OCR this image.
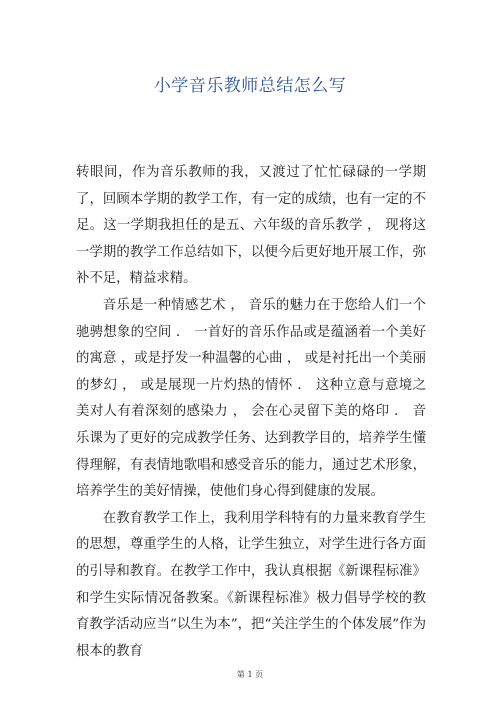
小学音乐教师总结怎么写

转眼间，作为音乐教师的我，又渡过了忙忙碌碌的一学期了，回顾本学期的教学工作，有一定的成绩，也有一定的不足。这一学期我担任的是五、六年级的音乐教学 ， 现将这一学期的教学工作总结如下，以便今后更好地开展工作，弥补不足，精益求精。

音乐是一种情感艺术 ， 音乐的魅力在于您给人们一个驰骋想象的空间 ． 一首好的音乐作品或是蕴涵着一个美好的寓意 ，或是抒发一种温馨的心曲 ， 或是衬托出一个美丽的梦幻 ， 或是展现一片灼热的情怀 ． 这种立意与意境之美对人有着深刻的感染力 ， 会在心灵留下美的烙印 ． 音乐课为了更好的完成教学任务、达到教学目的，培养学生懂得理解，有表情地歌唱和感受音乐的能力，通过艺术形象，培养学生的美好情操，使他们身心得到健康的发展。

在教育教学工作上，我利用学科特有的力量来教育学生的思想，尊重学生的人格，让学生独立，对学生进行各方面的引导和教育。在教学工作中，我认真根据《新课程标准》和学生实际情况备教案。《新课程标准》极力倡导学校的教育教学活动应当“以生为本”，把“关注学生的个体发展”作为根本的教育

第 1 页
